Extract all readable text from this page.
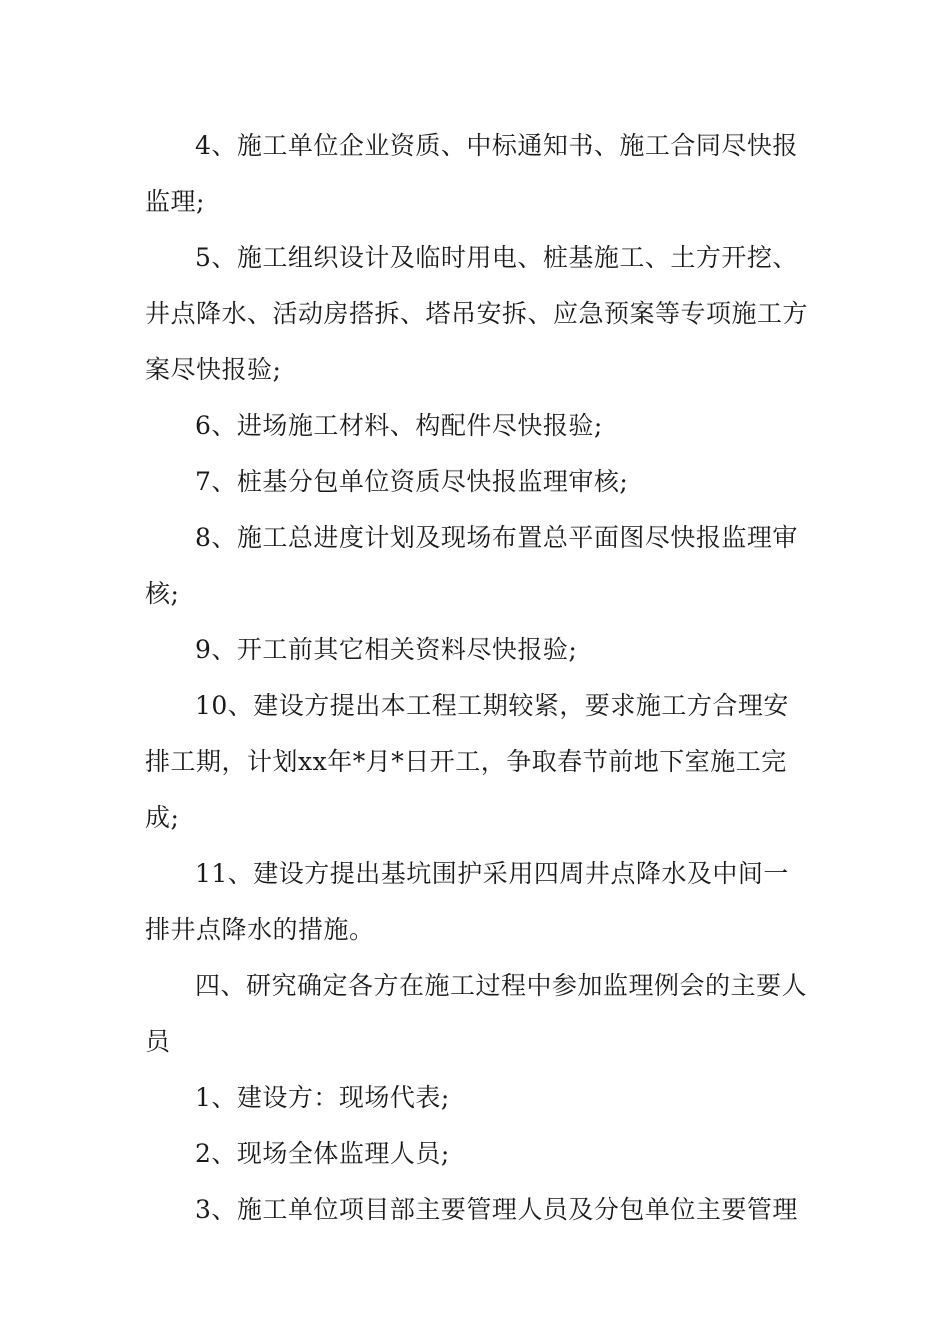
4、施工单位企业资质、中标通知书、施工合同尽快报监理;

5、施工组织设计及临时用电、桩基施工、土方开挖、井点降水、活动房搭拆、塔吊安拆、应急预案等专项施工方案尽快报验;

6、进场施工材料、构配件尽快报验;

7、桩基分包单位资质尽快报监理审核;

8、施工总进度计划及现场布置总平面图尽快报监理审核;

9、开工前其它相关资料尽快报验;

10、建设方提出本工程工期较紧，要求施工方合理安排工期，计划xx年*月*日开工，争取春节前地下室施工完成;

11、建设方提出基坑围护采用四周井点降水及中间一排井点降水的措施。

四、研究确定各方在施工过程中参加监理例会的主要人员

1、建设方：现场代表;

2、现场全体监理人员;

3、施工单位项目部主要管理人员及分包单位主要管理
